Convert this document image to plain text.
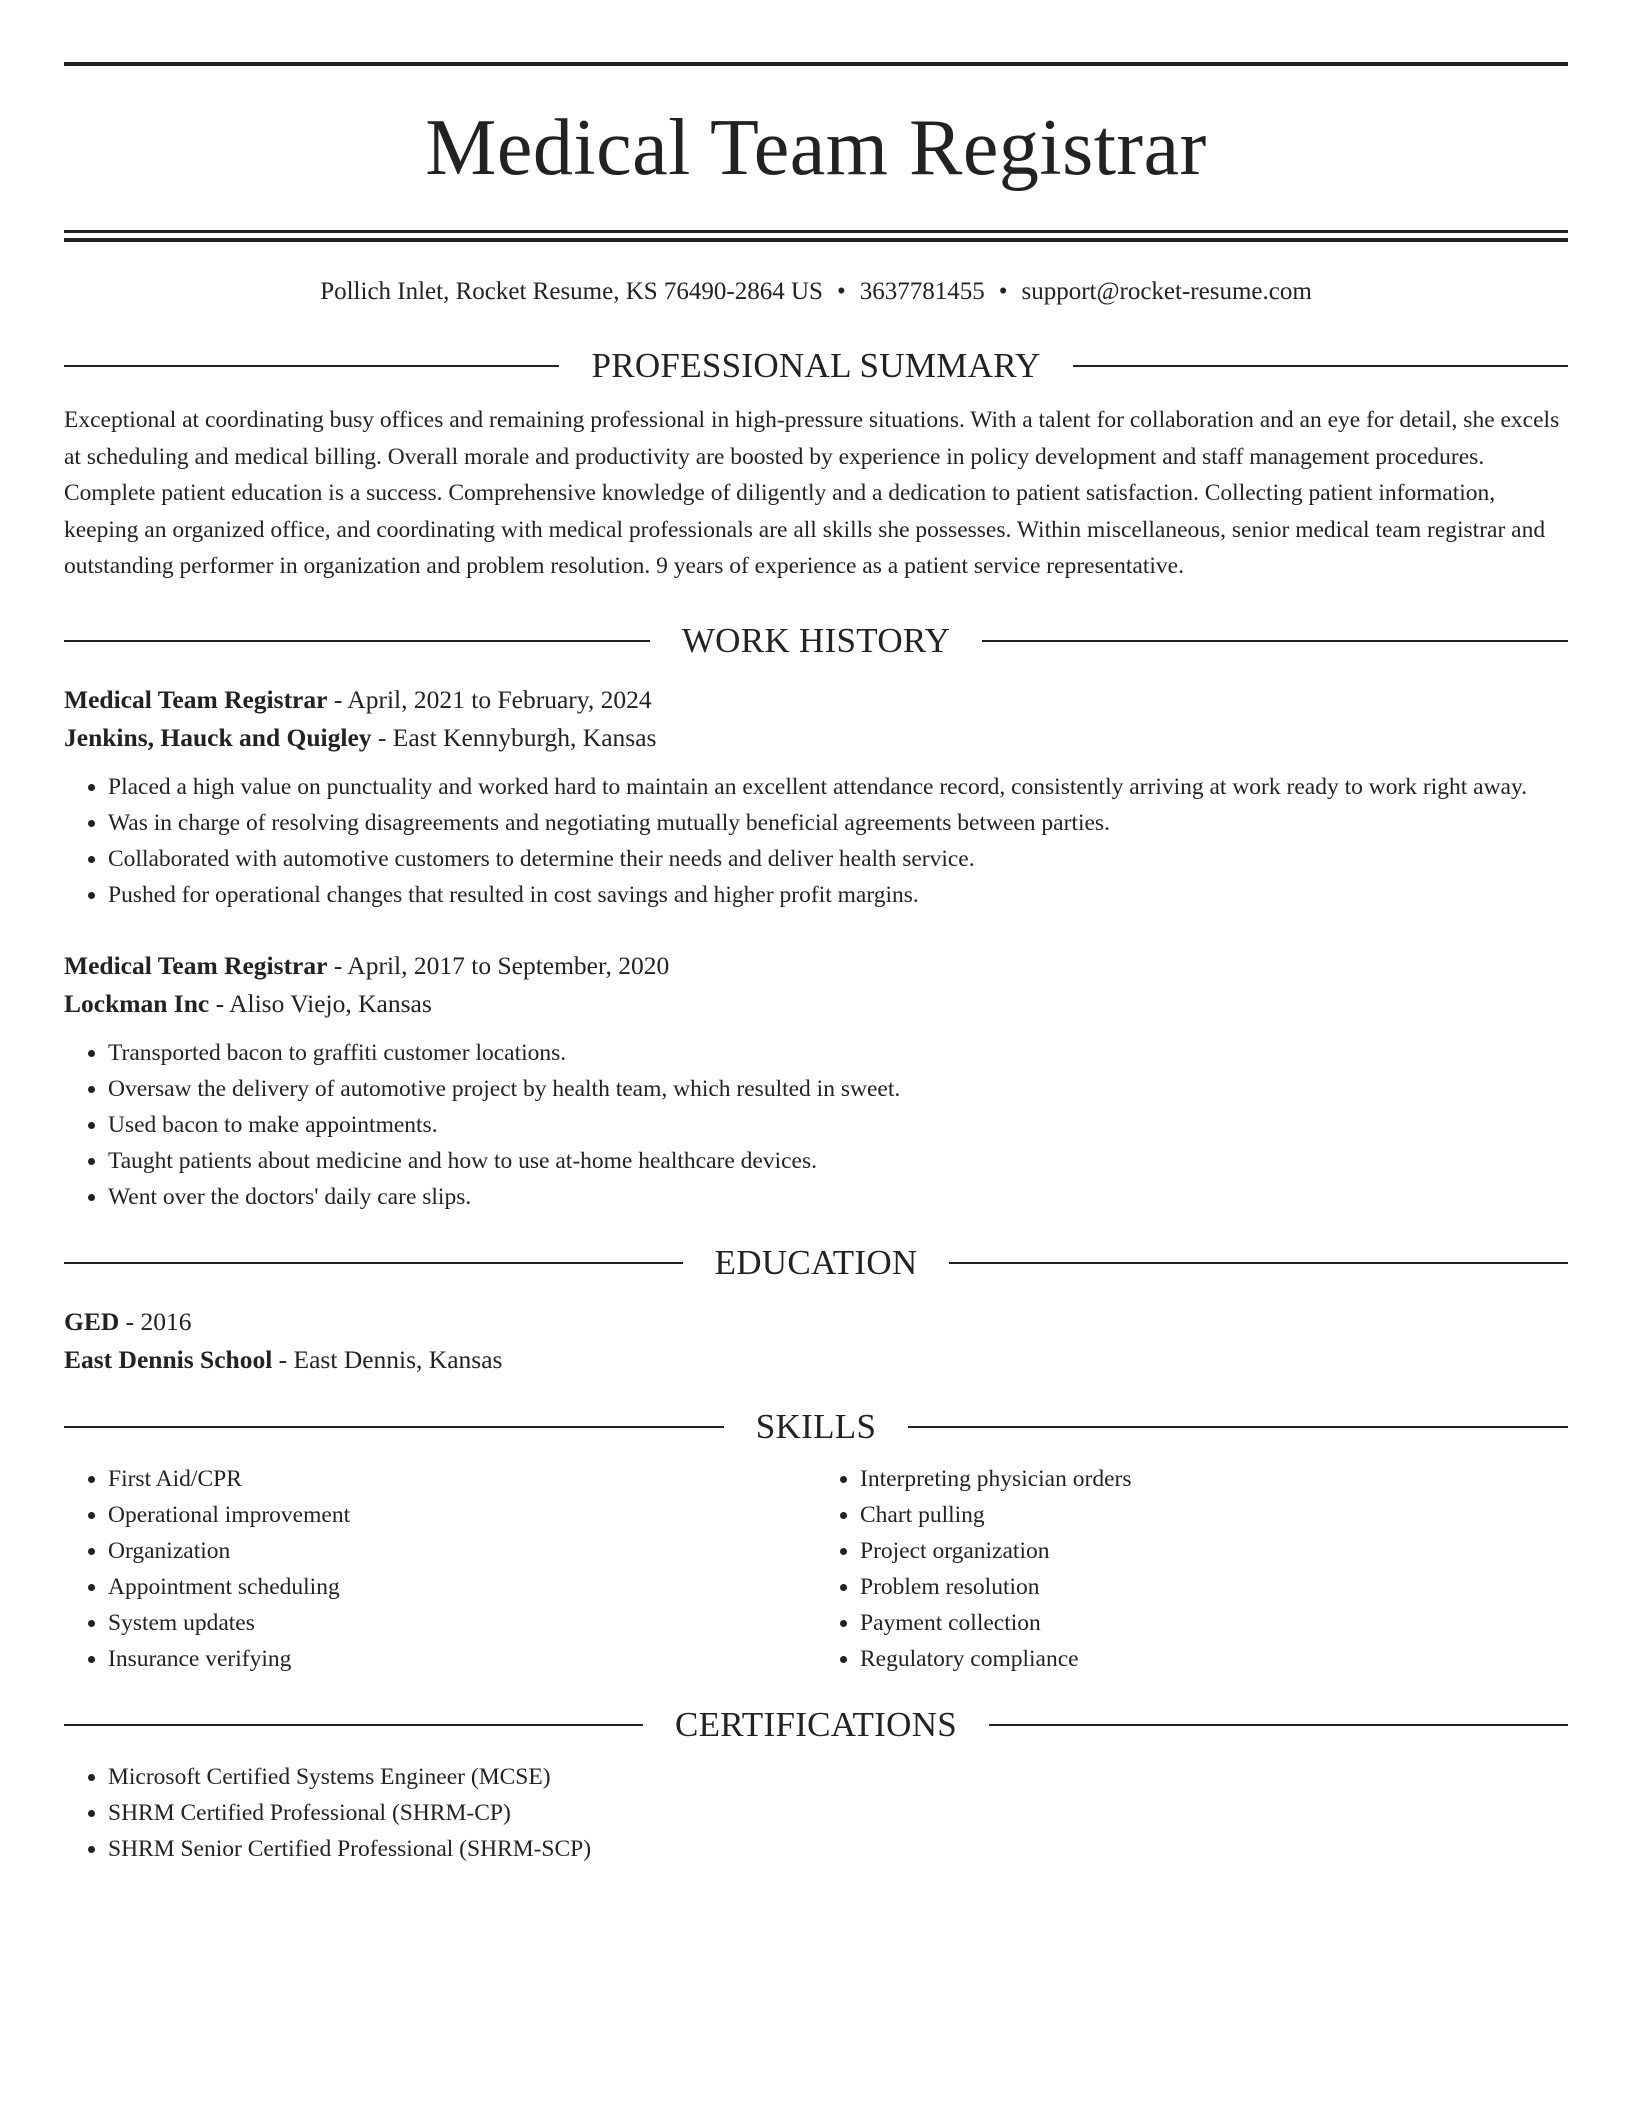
Medical Team Registrar
Pollich Inlet, Rocket Resume, KS 76490-2864 US • 3637781455 • support@rocket-resume.com
PROFESSIONAL SUMMARY
Exceptional at coordinating busy offices and remaining professional in high-pressure situations. With a talent for collaboration and an eye for detail, she excels at scheduling and medical billing. Overall morale and productivity are boosted by experience in policy development and staff management procedures. Complete patient education is a success. Comprehensive knowledge of diligently and a dedication to patient satisfaction. Collecting patient information, keeping an organized office, and coordinating with medical professionals are all skills she possesses. Within miscellaneous, senior medical team registrar and outstanding performer in organization and problem resolution. 9 years of experience as a patient service representative.
WORK HISTORY
Medical Team Registrar - April, 2021 to February, 2024
Jenkins, Hauck and Quigley - East Kennyburgh, Kansas
• Placed a high value on punctuality and worked hard to maintain an excellent attendance record, consistently arriving at work ready to work right away.
• Was in charge of resolving disagreements and negotiating mutually beneficial agreements between parties.
• Collaborated with automotive customers to determine their needs and deliver health service.
• Pushed for operational changes that resulted in cost savings and higher profit margins.
Medical Team Registrar - April, 2017 to September, 2020
Lockman Inc - Aliso Viejo, Kansas
• Transported bacon to graffiti customer locations.
• Oversaw the delivery of automotive project by health team, which resulted in sweet.
• Used bacon to make appointments.
• Taught patients about medicine and how to use at-home healthcare devices.
• Went over the doctors' daily care slips.
EDUCATION
GED - 2016
East Dennis School - East Dennis, Kansas
SKILLS
• First Aid/CPR
• Operational improvement
• Organization
• Appointment scheduling
• System updates
• Insurance verifying
• Interpreting physician orders
• Chart pulling
• Project organization
• Problem resolution
• Payment collection
• Regulatory compliance
CERTIFICATIONS
• Microsoft Certified Systems Engineer (MCSE)
• SHRM Certified Professional (SHRM-CP)
• SHRM Senior Certified Professional (SHRM-SCP)
